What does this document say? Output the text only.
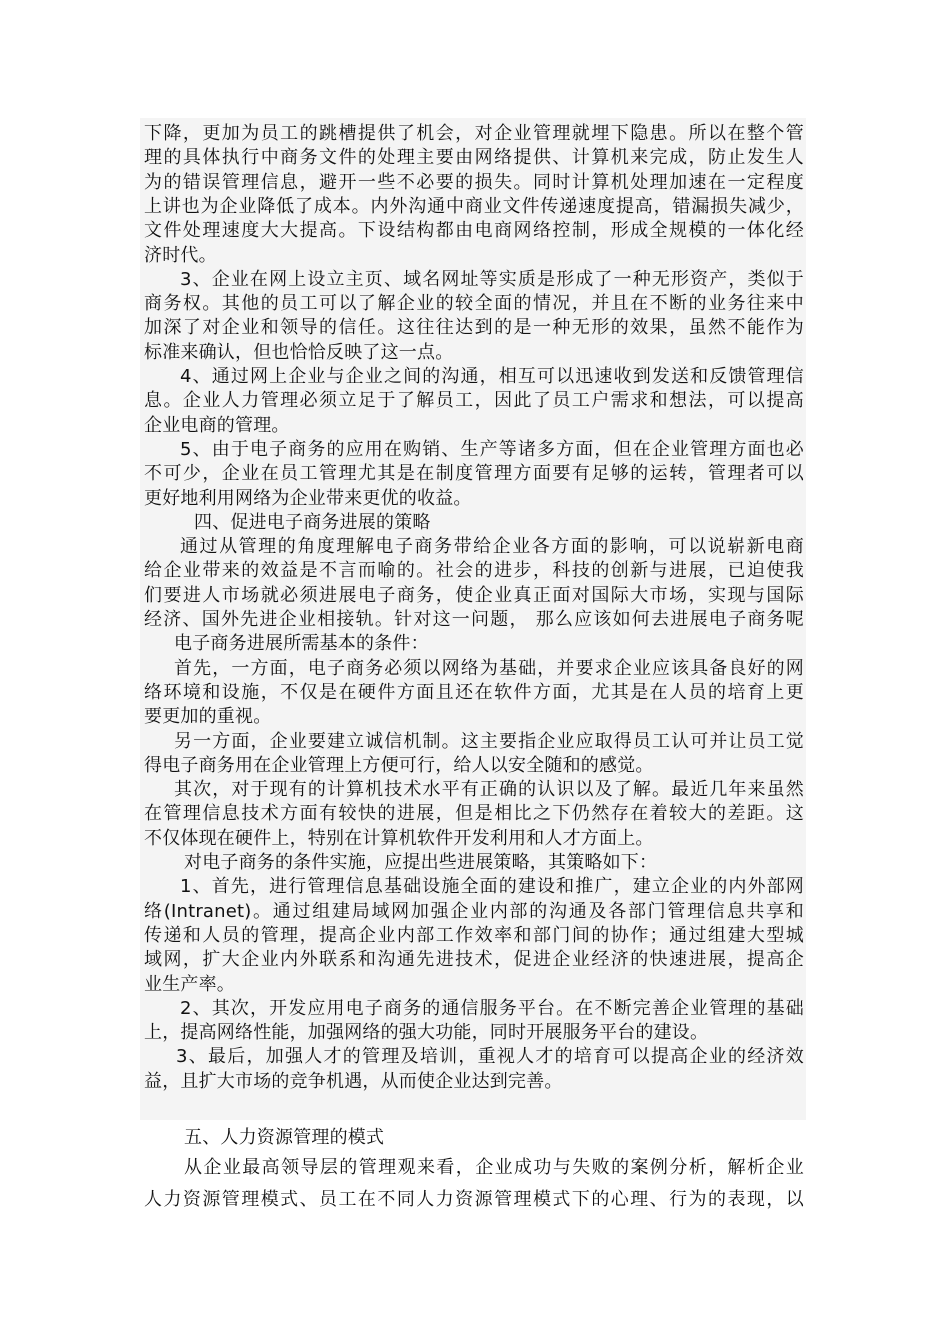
下降，更加为员工的跳槽提供了机会，对企业管理就埋下隐患。所以在整个管
理的具体执行中商务文件的处理主要由网络提供、计算机来完成，防止发生人
为的错误管理信息，避开一些不必要的损失。同时计算机处理加速在一定程度
上讲也为企业降低了成本。内外沟通中商业文件传递速度提高，错漏损失减少，
文件处理速度大大提高。下设结构都由电商网络控制，形成全规模的一体化经
济时代。
3、企业在网上设立主页、域名网址等实质是形成了一种无形资产，类似于
商务权。其他的员工可以了解企业的较全面的情况，并且在不断的业务往来中
加深了对企业和领导的信任。这往往达到的是一种无形的效果，虽然不能作为
标准来确认，但也恰恰反映了这一点。
4、通过网上企业与企业之间的沟通，相互可以迅速收到发送和反馈管理信
息。企业人力管理必须立足于了解员工，因此了员工户需求和想法，可以提高
企业电商的管理。
5、由于电子商务的应用在购销、生产等诸多方面，但在企业管理方面也必
不可少，企业在员工管理尤其是在制度管理方面要有足够的运转，管理者可以
更好地利用网络为企业带来更优的收益。
四、促进电子商务进展的策略
通过从管理的角度理解电子商务带给企业各方面的影响，可以说崭新电商
给企业带来的效益是不言而喻的。社会的进步，科技的创新与进展，已迫使我
们要进人市场就必须进展电子商务，使企业真正面对国际大市场，实现与国际
经济、国外先进企业相接轨。针对这一问题， 那么应该如何去进展电子商务呢
电子商务进展所需基本的条件：
首先，一方面，电子商务必须以网络为基础，并要求企业应该具备良好的网
络环境和设施，不仅是在硬件方面且还在软件方面，尤其是在人员的培育上更
要更加的重视。
另一方面，企业要建立诚信机制。这主要指企业应取得员工认可并让员工觉
得电子商务用在企业管理上方便可行，给人以安全随和的感觉。
其次，对于现有的计算机技术水平有正确的认识以及了解。最近几年来虽然
在管理信息技术方面有较快的进展，但是相比之下仍然存在着较大的差距。这
不仅体现在硬件上，特别在计算机软件开发利用和人才方面上。
对电子商务的条件实施，应提出些进展策略，其策略如下：
1、首先，进行管理信息基础设施全面的建设和推广，建立企业的内外部网
络(Intranet)。通过组建局域网加强企业内部的沟通及各部门管理信息共享和
传递和人员的管理，提高企业内部工作效率和部门间的协作；通过组建大型城
域网，扩大企业内外联系和沟通先进技术，促进企业经济的快速进展，提高企
业生产率。
2、其次，开发应用电子商务的通信服务平台。在不断完善企业管理的基础
上，提高网络性能，加强网络的强大功能，同时开展服务平台的建设。
3、最后，加强人才的管理及培训，重视人才的培育可以提高企业的经济效
益，且扩大市场的竞争机遇，从而使企业达到完善。
五、人力资源管理的模式
从企业最高领导层的管理观来看，企业成功与失败的案例分析，解析企业
人力资源管理模式、员工在不同人力资源管理模式下的心理、行为的表现，以
